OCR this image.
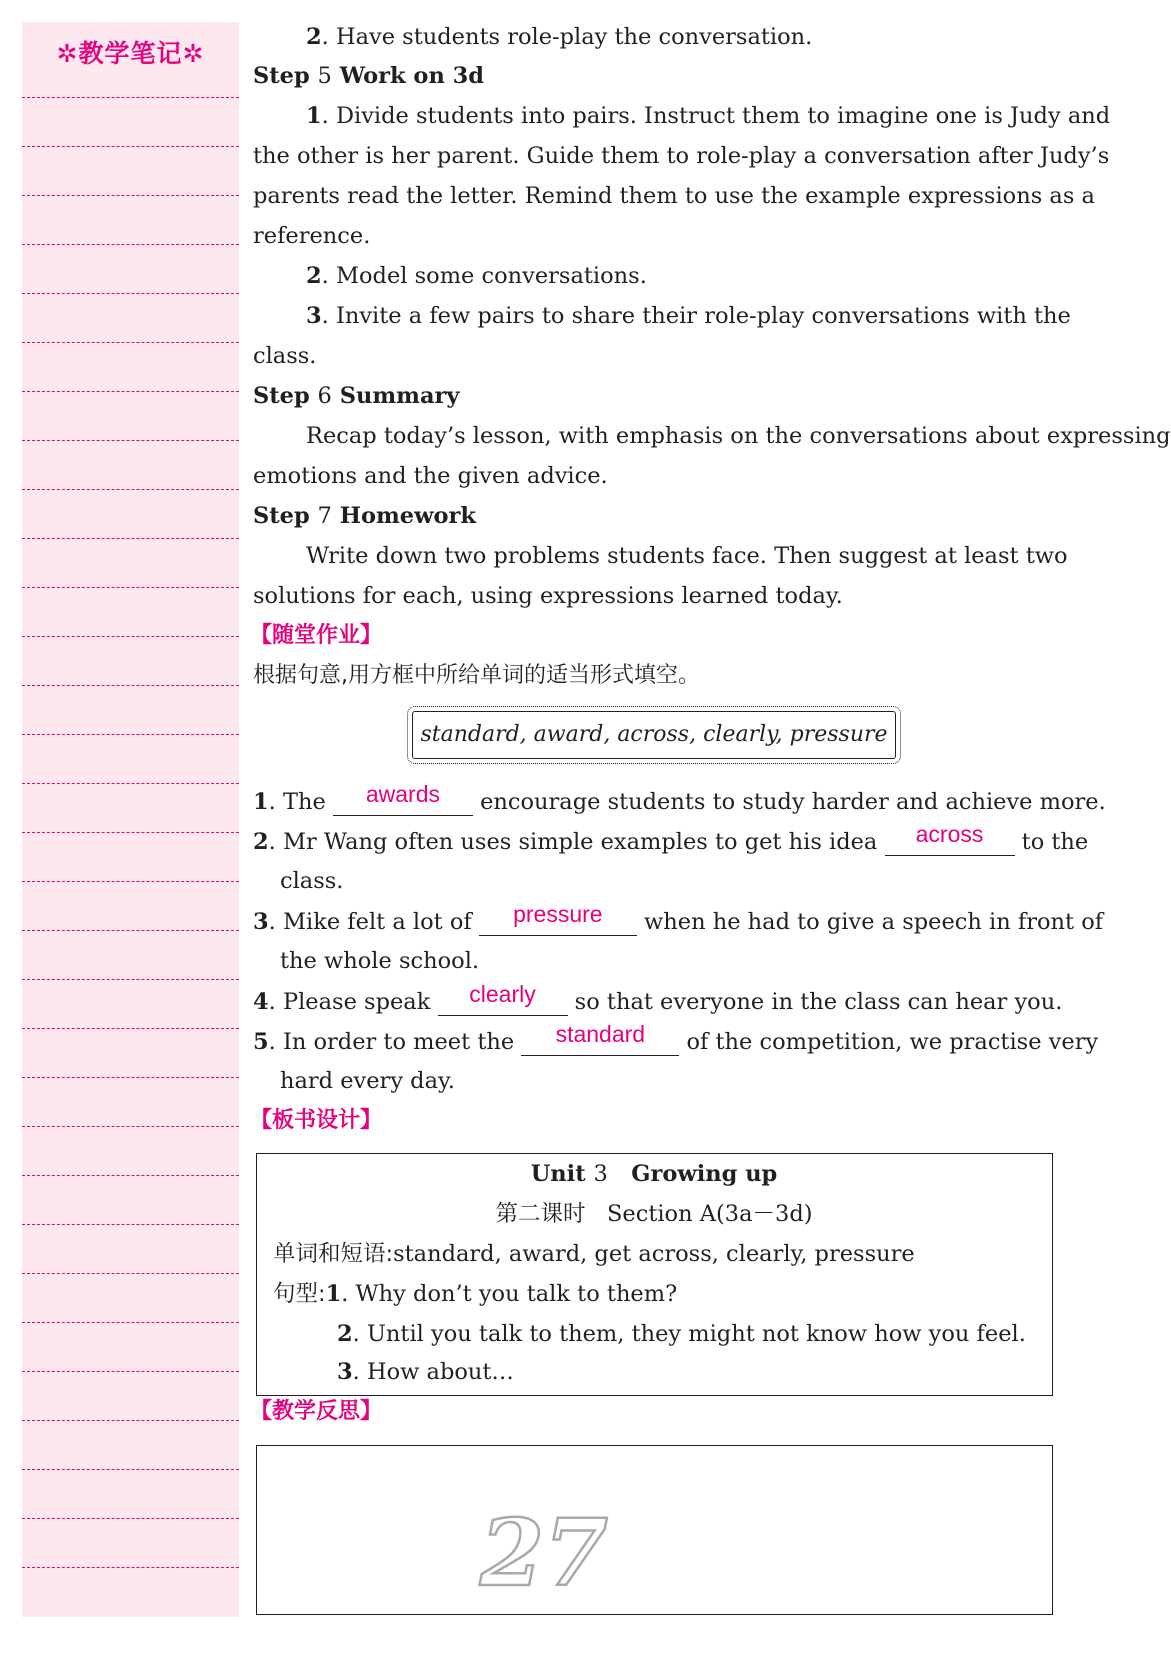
✲教学笔记✲
2. Have students role-play the conversation.
Step 5 Work on 3d
1. Divide students into pairs. Instruct them to imagine one is Judy and
the other is her parent. Guide them to role-play a conversation after Judy’s
parents read the letter. Remind them to use the example expressions as a
reference.
2. Model some conversations.
3. Invite a few pairs to share their role-play conversations with the
class.
Step 6 Summary
Recap today’s lesson, with emphasis on the conversations about expressing
emotions and the given advice.
Step 7 Homework
Write down two problems students face. Then suggest at least two
solutions for each, using expressions learned today.
【随堂作业】
根据句意,用方框中所给单词的适当形式填空。
standard, award, across, clearly, pressure
1. The awards encourage students to study harder and achieve more.
2. Mr Wang often uses simple examples to get his idea across to the
class.
3. Mike felt a lot of pressure when he had to give a speech in front of
the whole school.
4. Please speak clearly so that everyone in the class can hear you.
5. In order to meet the standard of the competition, we practise very
hard every day.
【板书设计】
【教学反思】
Unit 3 Growing up
第二课时 Section A(3a－3d)
单词和短语:standard, award, get across, clearly, pressure
句型:1. Why don’t you talk to them?
2. Until you talk to them, they might not know how you feel.
3. How about…
27
